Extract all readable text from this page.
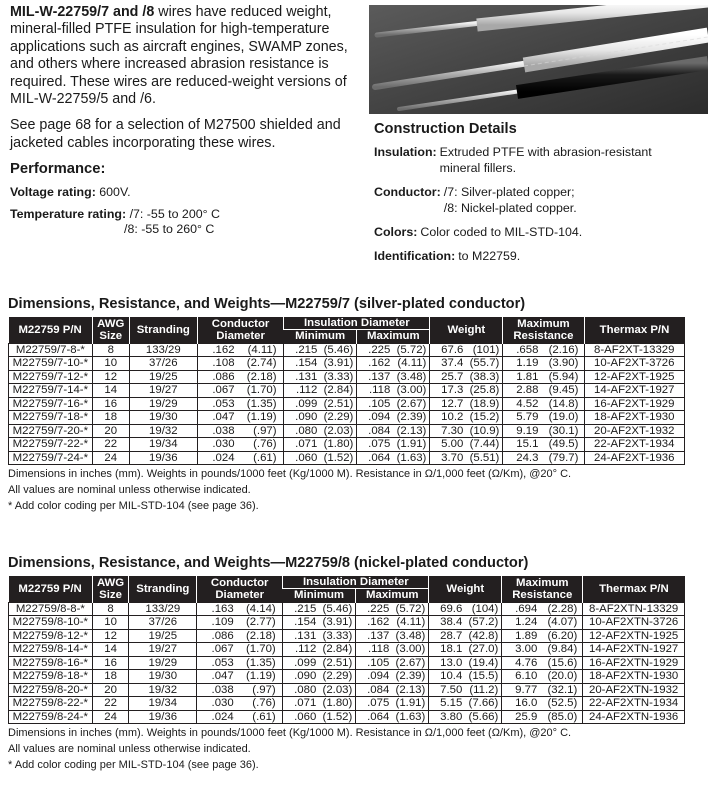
MIL-W-22759/7 and /8 wires have reduced weight, mineral-filled PTFE insulation for high-temperature applications such as aircraft engines, SWAMP zones, and others where increased abrasion resistance is required. These wires are reduced-weight versions of MIL-W-22759/5 and /6.

See page 68 for a selection of M27500 shielded and jacketed cables incorporating these wires.

Performance:
Voltage rating: 600V.
Temperature rating: /7: -55 to 200° C
/8: -55 to 260° C
Construction Details
Insulation: Extruded PTFE with abrasion-resistant mineral fillers.
Conductor: /7: Silver-plated copper;
/8: Nickel-plated copper.
Colors: Color coded to MIL-STD-104.
Identification: to M22759.
Dimensions, Resistance, and Weights—M22759/7 (silver-plated conductor)
M22759 P/N	AWG Size	Stranding	Conductor Diameter	Insulation Diameter		Weight	Maximum Resistance	Thermax P/N
				Minimum	Maximum			
M22759/7-8-*	8	133/29	.162 (4.11)	.215 (5.46)	.225 (5.72)	67.6 (101)	.658 (2.16)	8-AF2XT-13329
M22759/7-10-*	10	37/26	.108 (2.74)	.154 (3.91)	.162 (4.11)	37.4 (55.7)	1.19 (3.90)	10-AF2XT-3726
M22759/7-12-*	12	19/25	.086 (2.18)	.131 (3.33)	.137 (3.48)	25.7 (38.3)	1.81 (5.94)	12-AF2XT-1925
M22759/7-14-*	14	19/27	.067 (1.70)	.112 (2.84)	.118 (3.00)	17.3 (25.8)	2.88 (9.45)	14-AF2XT-1927
M22759/7-16-*	16	19/29	.053 (1.35)	.099 (2.51)	.105 (2.67)	12.7 (18.9)	4.52 (14.8)	16-AF2XT-1929
M22759/7-18-*	18	19/30	.047 (1.19)	.090 (2.29)	.094 (2.39)	10.2 (15.2)	5.79 (19.0)	18-AF2XT-1930
M22759/7-20-*	20	19/32	.038 (.97)	.080 (2.03)	.084 (2.13)	7.30 (10.9)	9.19 (30.1)	20-AF2XT-1932
M22759/7-22-*	22	19/34	.030 (.76)	.071 (1.80)	.075 (1.91)	5.00 (7.44)	15.1 (49.5)	22-AF2XT-1934
M22759/7-24-*	24	19/36	.024 (.61)	.060 (1.52)	.064 (1.63)	3.70 (5.51)	24.3 (79.7)	24-AF2XT-1936
Dimensions in inches (mm). Weights in pounds/1000 feet (Kg/1000 M). Resistance in Ω/1,000 feet (Ω/Km), @20° C.
All values are nominal unless otherwise indicated.
* Add color coding per MIL-STD-104 (see page 36).
Dimensions, Resistance, and Weights—M22759/8 (nickel-plated conductor)
M22759 P/N	AWG Size	Stranding	Conductor Diameter	Insulation Diameter		Weight	Maximum Resistance	Thermax P/N
				Minimum	Maximum			
M22759/8-8-*	8	133/29	.163 (4.14)	.215 (5.46)	.225 (5.72)	69.6 (104)	.694 (2.28)	8-AF2XTN-13329
M22759/8-10-*	10	37/26	.109 (2.77)	.154 (3.91)	.162 (4.11)	38.4 (57.2)	1.24 (4.07)	10-AF2XTN-3726
M22759/8-12-*	12	19/25	.086 (2.18)	.131 (3.33)	.137 (3.48)	28.7 (42.8)	1.89 (6.20)	12-AF2XTN-1925
M22759/8-14-*	14	19/27	.067 (1.70)	.112 (2.84)	.118 (3.00)	18.1 (27.0)	3.00 (9.84)	14-AF2XTN-1927
M22759/8-16-*	16	19/29	.053 (1.35)	.099 (2.51)	.105 (2.67)	13.0 (19.4)	4.76 (15.6)	16-AF2XTN-1929
M22759/8-18-*	18	19/30	.047 (1.19)	.090 (2.29)	.094 (2.39)	10.4 (15.5)	6.10 (20.0)	18-AF2XTN-1930
M22759/8-20-*	20	19/32	.038 (.97)	.080 (2.03)	.084 (2.13)	7.50 (11.2)	9.77 (32.1)	20-AF2XTN-1932
M22759/8-22-*	22	19/34	.030 (.76)	.071 (1.80)	.075 (1.91)	5.15 (7.66)	16.0 (52.5)	22-AF2XTN-1934
M22759/8-24-*	24	19/36	.024 (.61)	.060 (1.52)	.064 (1.63)	3.80 (5.66)	25.9 (85.0)	24-AF2XTN-1936
Dimensions in inches (mm). Weights in pounds/1000 feet (Kg/1000 M). Resistance in Ω/1,000 feet (Ω/Km), @20° C.
All values are nominal unless otherwise indicated.
* Add color coding per MIL-STD-104 (see page 36).
